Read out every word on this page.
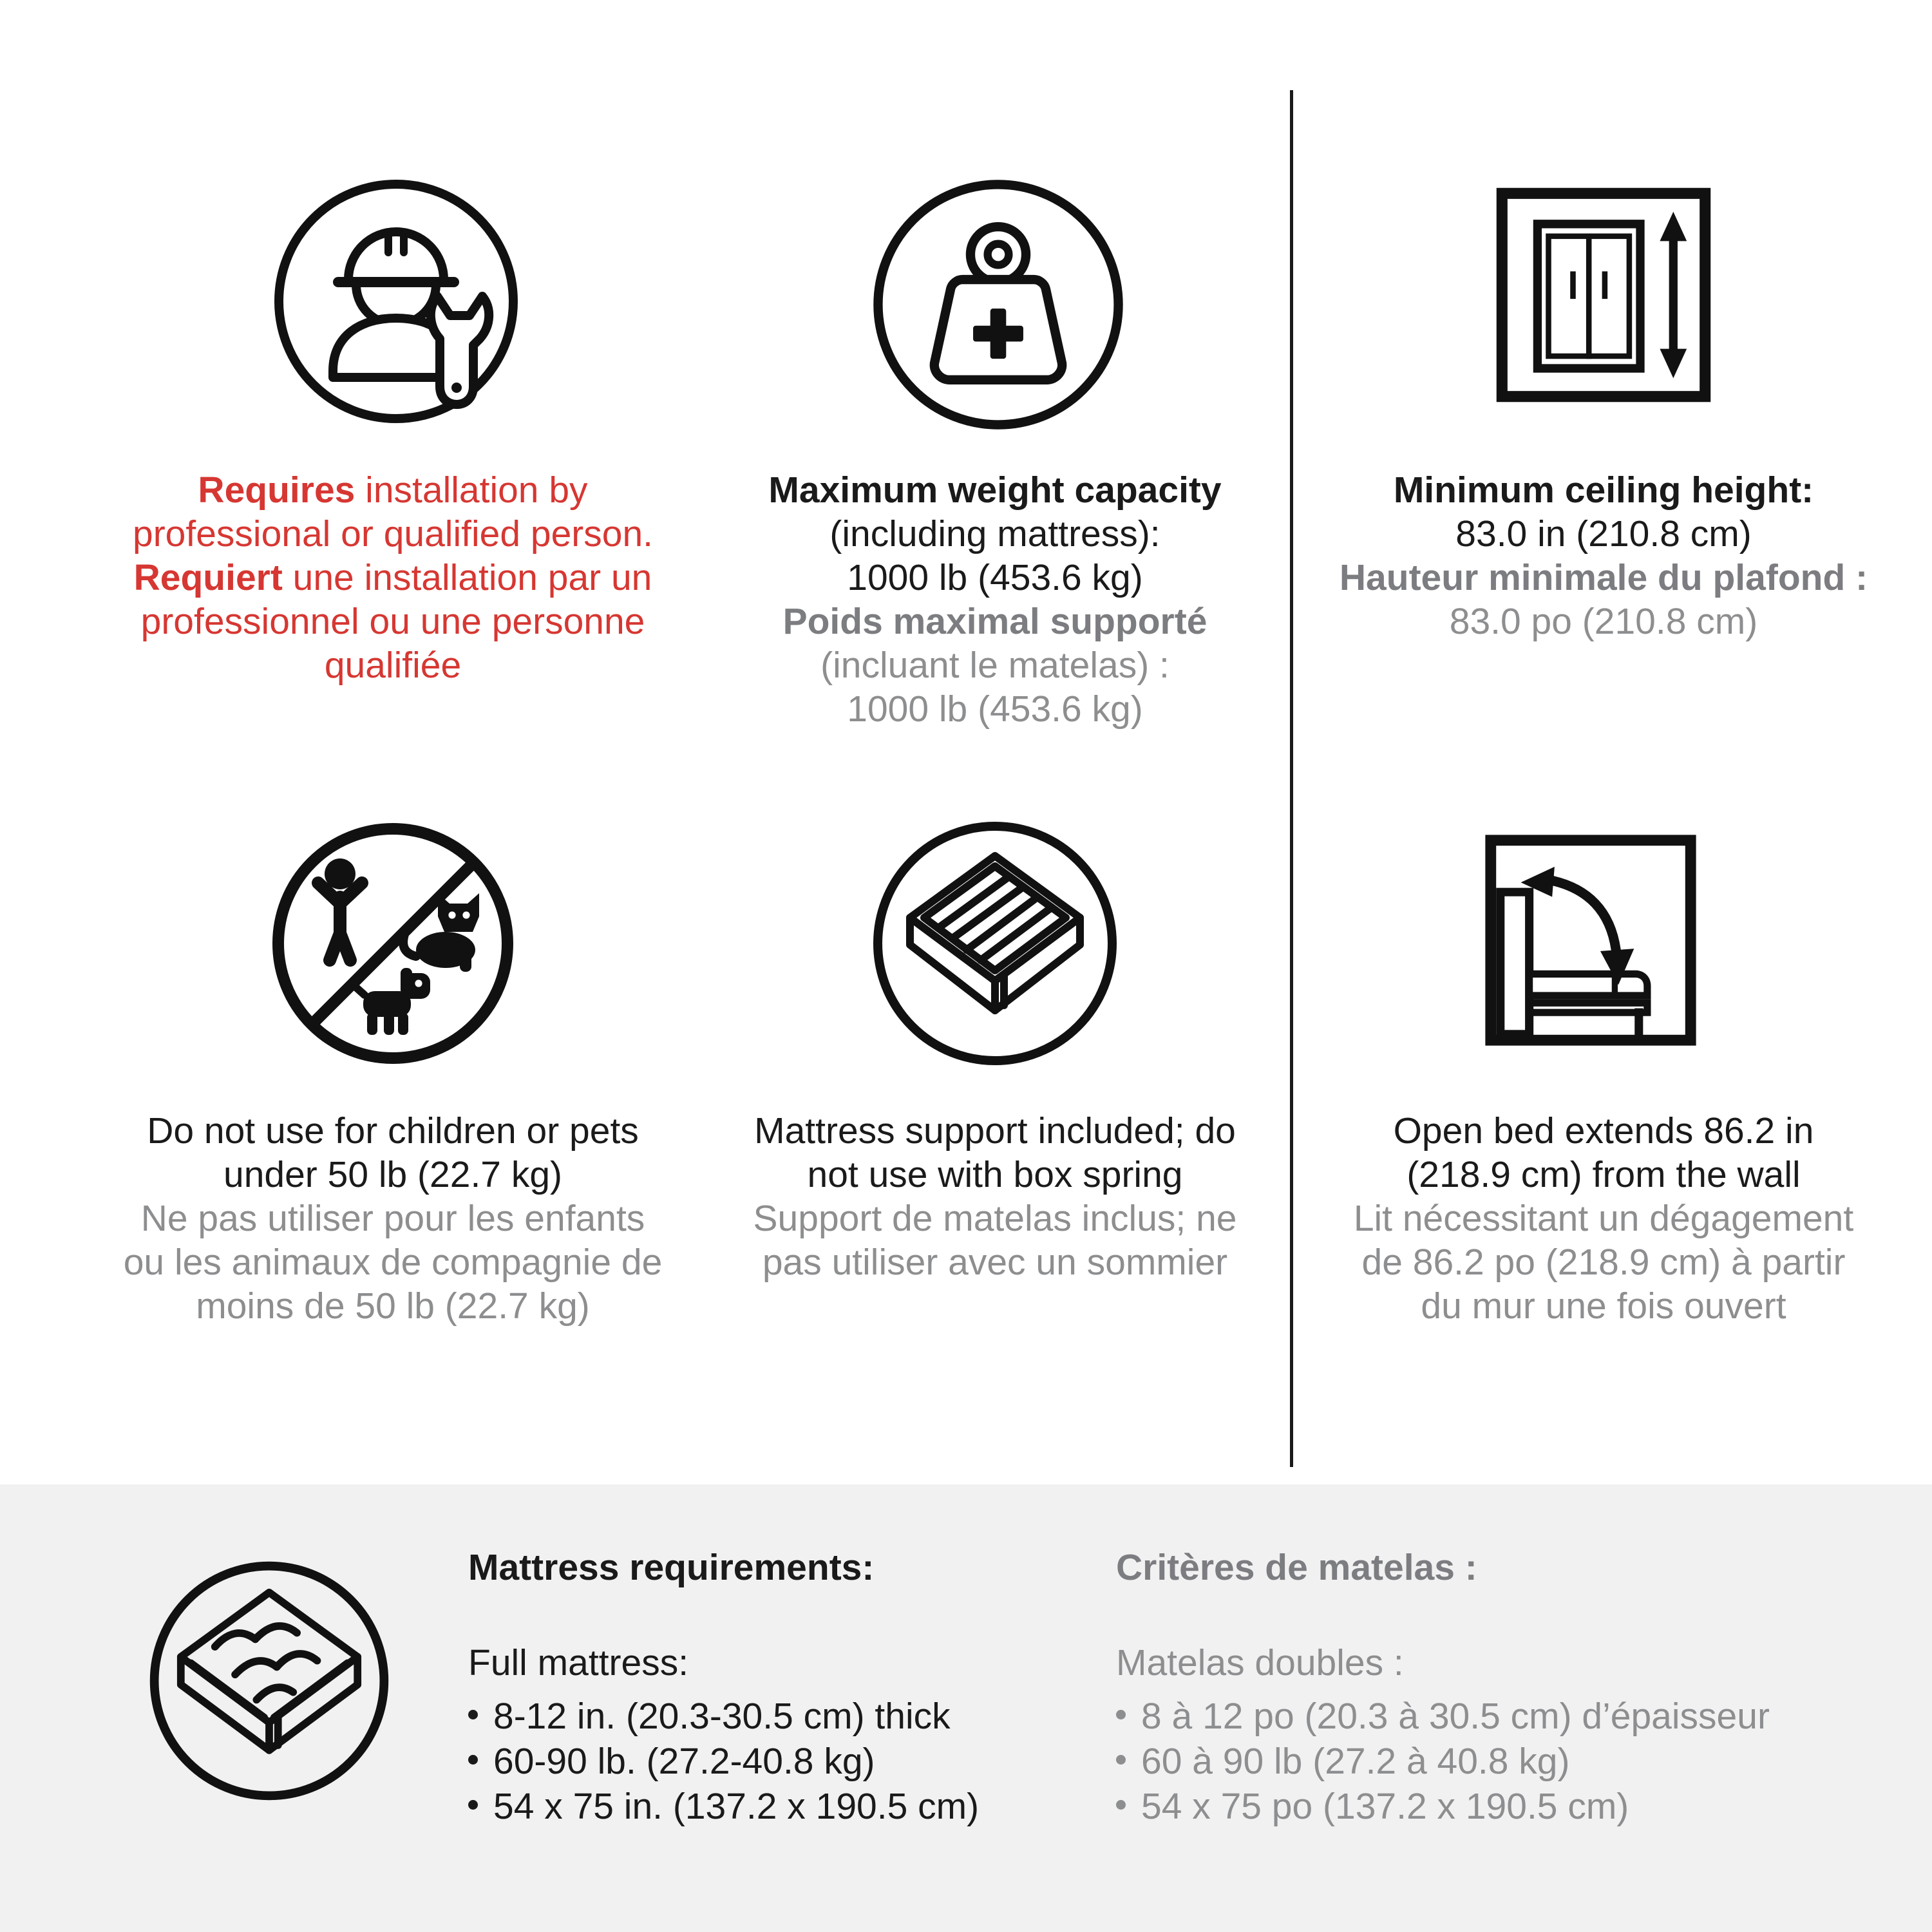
Requires installation by
professional or qualified person.
Requiert une installation par un
professionnel ou une personne
qualifiée
Maximum weight capacity
(including mattress):
1000 lb (453.6 kg)
Poids maximal supporté
(incluant le matelas) :
1000 lb (453.6 kg)
Minimum ceiling height:
83.0 in (210.8 cm)
Hauteur minimale du plafond :
83.0 po (210.8 cm)
Do not use for children or pets
under 50 lb (22.7 kg)
Ne pas utiliser pour les enfants
ou les animaux de compagnie de
moins de 50 lb (22.7 kg)
Mattress support included; do
not use with box spring
Support de matelas inclus; ne
pas utiliser avec un sommier
Open bed extends 86.2 in
(218.9 cm) from the wall
Lit nécessitant un dégagement
de 86.2 po (218.9 cm) à partir
du mur une fois ouvert
Mattress requirements:
Full mattress:
8-12 in. (20.3-30.5 cm) thick
60-90 lb. (27.2-40.8 kg)
54 x 75 in. (137.2 x 190.5 cm)
Critères de matelas :
Matelas doubles :
8 à 12 po (20.3 à 30.5 cm) d’épaisseur
60 à 90 lb (27.2 à 40.8 kg)
54 x 75 po (137.2 x 190.5 cm)
